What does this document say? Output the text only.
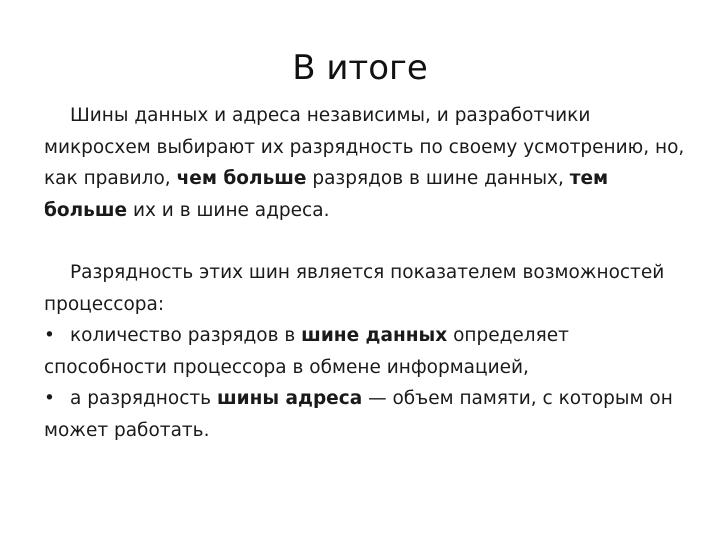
В итоге

Шины данных и адреса независимы, и разработчики микросхем выбирают их разрядность по своему усмотрению, но, как правило, чем больше разрядов в шине данных, тем больше их и в шине адреса.

Разрядность этих шин является показателем возможностей процессора:

• количество разрядов в шине данных определяет способности процессора в обмене информацией,

• а разрядность шины адреса — объем памяти, с которым он может работать.
